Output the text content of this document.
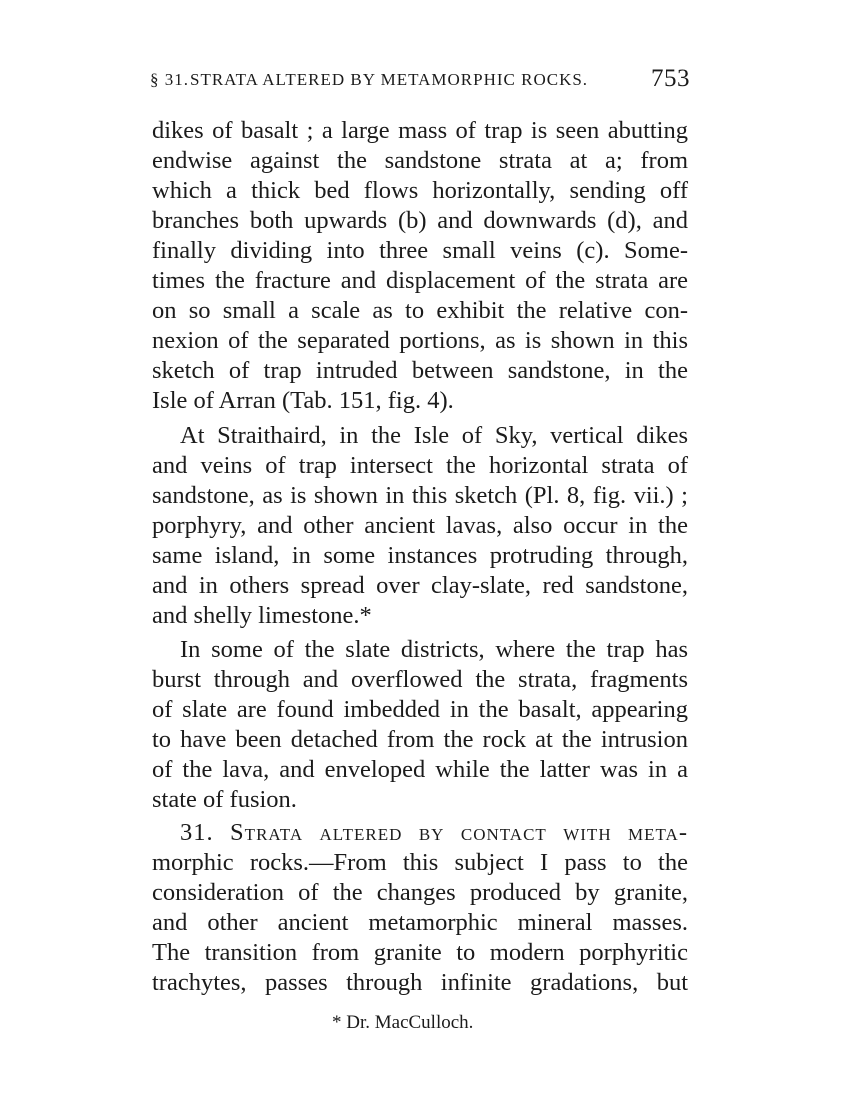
§ 31. STRATA ALTERED BY METAMORPHIC ROCKS.	753
dikes of basalt ; a large mass of trap is seen abutting
endwise against the sandstone strata at a; from
which a thick bed flows horizontally, sending off
branches both upwards (b) and downwards (d), and
finally dividing into three small veins (c). Some-
times the fracture and displacement of the strata are
on so small a scale as to exhibit the relative con-
nexion of the separated portions, as is shown in this
sketch of trap intruded between sandstone, in the
Isle of Arran (Tab. 151, fig. 4).
At Straithaird, in the Isle of Sky, vertical dikes
and veins of trap intersect the horizontal strata of
sandstone, as is shown in this sketch (Pl. 8, fig. vii.) ;
porphyry, and other ancient lavas, also occur in the
same island, in some instances protruding through,
and in others spread over clay-slate, red sandstone,
and shelly limestone.*
In some of the slate districts, where the trap has
burst through and overflowed the strata, fragments
of slate are found imbedded in the basalt, appearing
to have been detached from the rock at the intrusion
of the lava, and enveloped while the latter was in a
state of fusion.
31. Strata altered by contact with meta-
morphic rocks.—From this subject I pass to the
consideration of the changes produced by granite,
and other ancient metamorphic mineral masses.
The transition from granite to modern porphyritic
trachytes, passes through infinite gradations, but
* Dr. MacCulloch.
